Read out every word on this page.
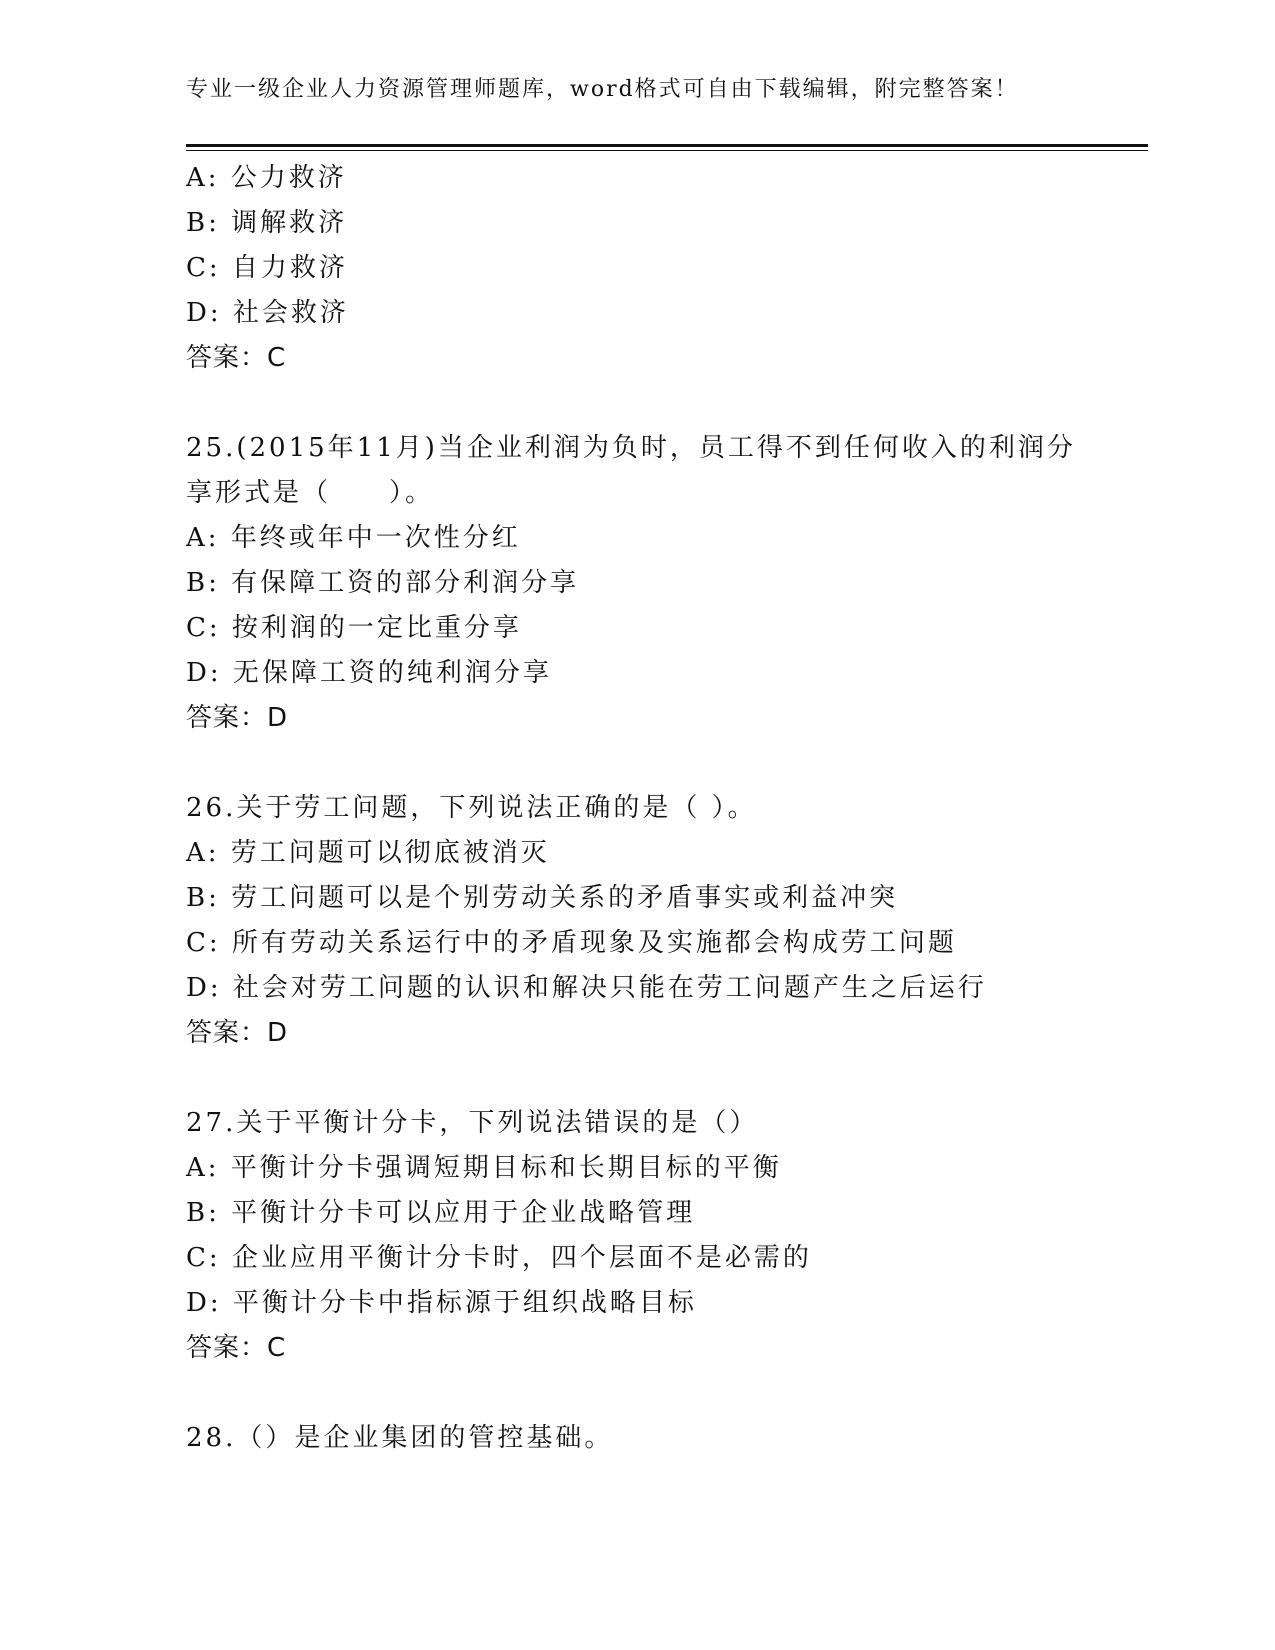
专业一级企业人力资源管理师题库，word格式可自由下载编辑，附完整答案！
A: 公力救济
B: 调解救济
C: 自力救济
D: 社会救济
答案：C
25.(2015年11月)当企业利润为负时，员工得不到任何收入的利润分
享形式是（　　）。
A: 年终或年中一次性分红
B: 有保障工资的部分利润分享
C: 按利润的一定比重分享
D: 无保障工资的纯利润分享
答案：D
26.关于劳工问题，下列说法正确的是（ ）。
A: 劳工问题可以彻底被消灭
B: 劳工问题可以是个别劳动关系的矛盾事实或利益冲突
C: 所有劳动关系运行中的矛盾现象及实施都会构成劳工问题
D: 社会对劳工问题的认识和解决只能在劳工问题产生之后运行
答案：D
27.关于平衡计分卡，下列说法错误的是（）
A: 平衡计分卡强调短期目标和长期目标的平衡
B: 平衡计分卡可以应用于企业战略管理
C: 企业应用平衡计分卡时，四个层面不是必需的
D: 平衡计分卡中指标源于组织战略目标
答案：C
28.（）是企业集团的管控基础。
